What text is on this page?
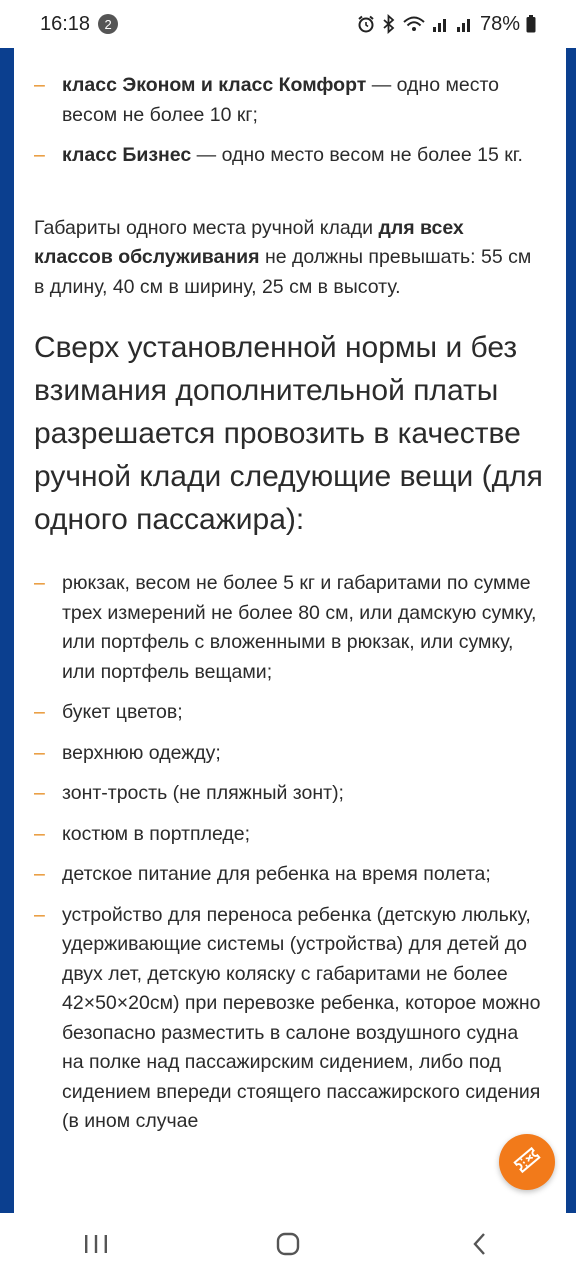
16:18	2	78%
– класс Эконом и класс Комфорт — одно место весом не более 10 кг;
– класс Бизнес — одно место весом не более 15 кг.

Габариты одного места ручной клади для всех классов обслуживания не должны превышать: 55 см в длину, 40 см в ширину, 25 см в высоту.

Сверх установленной нормы и без взимания дополнительной платы разрешается провозить в качестве ручной клади следующие вещи (для одного пассажира):
– рюкзак, весом не более 5 кг и габаритами по сумме трех измерений не более 80 см, или дамскую сумку, или портфель с вложенными в рюкзак, или сумку, или портфель вещами;
– букет цветов;
– верхнюю одежду;
– зонт-трость (не пляжный зонт);
– костюм в портпледе;
– детское питание для ребенка на время полета;
– устройство для переноса ребенка (детскую люльку, удерживающие системы (устройства) для детей до двух лет, детскую коляску с габаритами не более 42×50×20см) при перевозке ребенка, которое можно безопасно разместить в салоне воздушного судна на полке над пассажирским сидением, либо под сидением впереди стоящего пассажирского сидения (в ином случае
